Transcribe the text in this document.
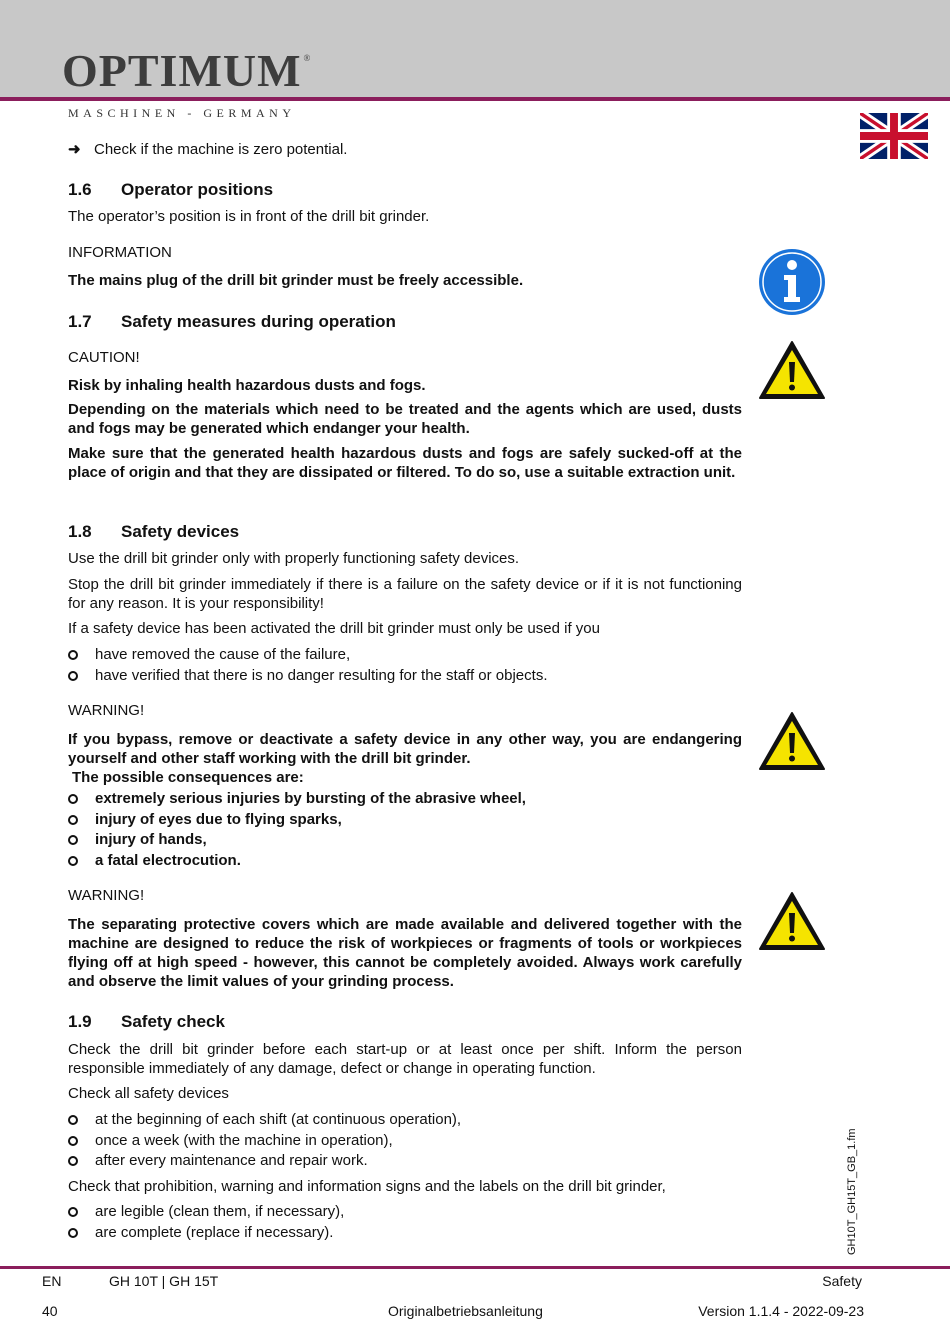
OPTIMUM ®
MASCHINEN - GERMANY
➜ Check if the machine is zero potential.
1.6 Operator positions
The operator’s position is in front of the drill bit grinder.
INFORMATION
The mains plug of the drill bit grinder must be freely accessible.
1.7 Safety measures during operation
CAUTION!
Risk by inhaling health hazardous dusts and fogs.
Depending on the materials which need to be treated and the agents which are used, dusts and fogs may be generated which endanger your health.
Make sure that the generated health hazardous dusts and fogs are safely sucked-off at the place of origin and that they are dissipated or filtered. To do so, use a suitable extraction unit.
1.8 Safety devices
Use the drill bit grinder only with properly functioning safety devices.
Stop the drill bit grinder immediately if there is a failure on the safety device or if it is not functioning for any reason. It is your responsibility!
If a safety device has been activated the drill bit grinder must only be used if you
have removed the cause of the failure,
have verified that there is no danger resulting for the staff or objects.
WARNING!
If you bypass, remove or deactivate a safety device in any other way, you are endangering yourself and other staff working with the drill bit grinder.
The possible consequences are:
extremely serious injuries by bursting of the abrasive wheel,
injury of eyes due to flying sparks,
injury of hands,
a fatal electrocution.
WARNING!
The separating protective covers which are made available and delivered together with the machine are designed to reduce the risk of workpieces or fragments of tools or workpieces flying off at high speed - however, this cannot be completely avoided. Always work carefully and observe the limit values of your grinding process.
1.9 Safety check
Check the drill bit grinder before each start-up or at least once per shift. Inform the person responsible immediately of any damage, defect or change in operating function.
Check all safety devices
at the beginning of each shift (at continuous operation),
once a week (with the machine in operation),
after every maintenance and repair work.
Check that prohibition, warning and information signs and the labels on the drill bit grinder,
are legible (clean them, if necessary),
are complete (replace if necessary).	GH10T_GH15T_GB_1.fm
EN	GH 10T | GH 15T	Safety
40	Originalbetriebsanleitung	Version 1.1.4 - 2022-09-23
